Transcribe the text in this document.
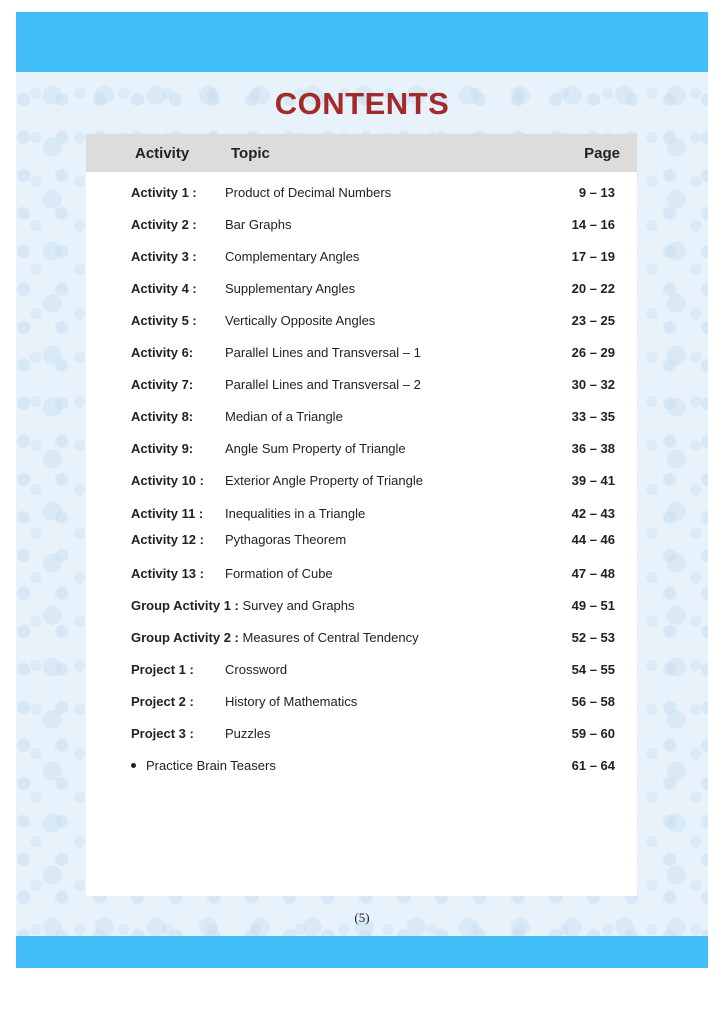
CONTENTS
Activity	Topic	Page
Activity 1 : Product of Decimal Numbers	9 – 13
Activity 2 : Bar Graphs	14 – 16
Activity 3 : Complementary Angles	17 – 19
Activity 4 : Supplementary Angles	20 – 22
Activity 5 : Vertically Opposite Angles	23 – 25
Activity 6: Parallel Lines and Transversal – 1	26 – 29
Activity 7: Parallel Lines and Transversal – 2	30 – 32
Activity 8: Median of a Triangle	33 – 35
Activity 9: Angle Sum Property of Triangle	36 – 38
Activity 10 : Exterior Angle Property of Triangle	39 – 41
Activity 11 : Inequalities in a Triangle	42 – 43
Activity 12 : Pythagoras Theorem	44 – 46
Activity 13 : Formation of Cube	47 – 48
Group Activity 1 : Survey and Graphs	49 – 51
Group Activity 2 : Measures of Central Tendency	52 – 53
Project 1 : Crossword	54 – 55
Project 2 : History of Mathematics	56 – 58
Project 3 : Puzzles	59 – 60
Practice Brain Teasers	61 – 64
(5)
